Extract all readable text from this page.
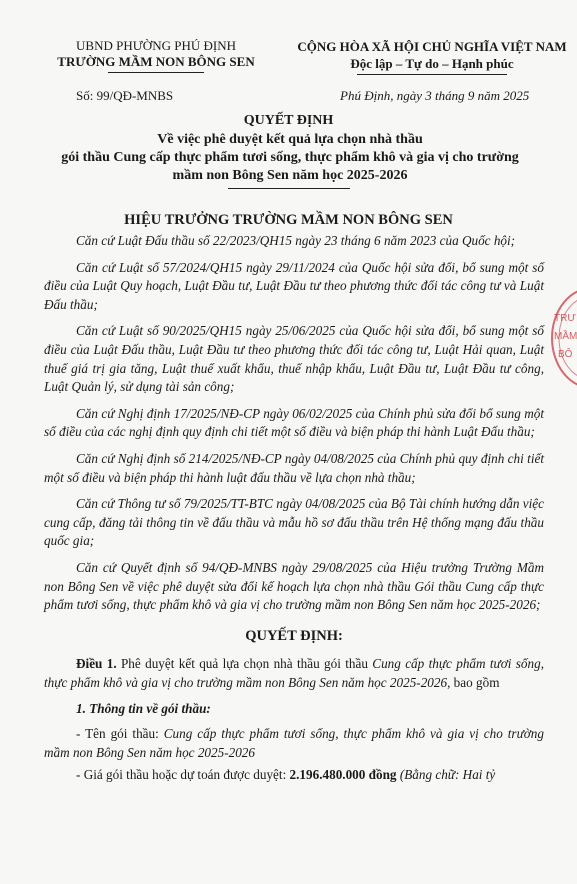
UBND PHƯỜNG PHÚ ĐỊNH
TRƯỜNG MẦM NON BÔNG SEN
CỘNG HÒA XÃ HỘI CHỦ NGHĨA VIỆT NAM
Độc lập – Tự do – Hạnh phúc
Số: 99/QĐ-MNBS	Phú Định, ngày 3 tháng 9 năm 2025
QUYẾT ĐỊNH
Về việc phê duyệt kết quả lựa chọn nhà thầu
gói thầu Cung cấp thực phẩm tươi sống, thực phẩm khô và gia vị cho trường
mầm non Bông Sen năm học 2025-2026
HIỆU TRƯỞNG TRƯỜNG MẦM NON BÔNG SEN

Căn cứ Luật Đấu thầu số 22/2023/QH15 ngày 23 tháng 6 năm 2023 của Quốc hội;

Căn cứ Luật số 57/2024/QH15 ngày 29/11/2024 của Quốc hội sửa đổi, bổ sung một số điều của Luật Quy hoạch, Luật Đầu tư, Luật Đầu tư theo phương thức đối tác công tư và Luật Đấu thầu;

Căn cứ Luật số 90/2025/QH15 ngày 25/06/2025 của Quốc hội sửa đổi, bổ sung một số điều của Luật Đấu thầu, Luật Đầu tư theo phương thức đối tác công tư, Luật Hải quan, Luật thuế giá trị gia tăng, Luật thuế xuất khẩu, thuế nhập khẩu, Luật Đầu tư, Luật Đầu tư công, Luật Quản lý, sử dụng tài sản công;

Căn cứ Nghị định 17/2025/NĐ-CP ngày 06/02/2025 của Chính phủ sửa đổi bổ sung một số điều của các nghị định quy định chi tiết một số điều và biện pháp thi hành Luật Đấu thầu;

Căn cứ Nghị định số 214/2025/NĐ-CP ngày 04/08/2025 của Chính phủ quy định chi tiết một số điều và biện pháp thi hành luật đấu thầu về lựa chọn nhà thầu;

Căn cứ Thông tư số 79/2025/TT-BTC ngày 04/08/2025 của Bộ Tài chính hướng dẫn việc cung cấp, đăng tải thông tin về đấu thầu và mẫu hồ sơ đấu thầu trên Hệ thống mạng đấu thầu quốc gia;

Căn cứ Quyết định số 94/QĐ-MNBS ngày 29/08/2025 của Hiệu trưởng Trường Mầm non Bông Sen về việc phê duyệt sửa đổi kế hoạch lựa chọn nhà thầu Gói thầu Cung cấp thực phẩm tươi sống, thực phẩm khô và gia vị cho trường mầm non Bông Sen năm học 2025-2026;

QUYẾT ĐỊNH:

Điều 1. Phê duyệt kết quả lựa chọn nhà thầu gói thầu Cung cấp thực phẩm tươi sống, thực phẩm khô và gia vị cho trường mầm non Bông Sen năm học 2025-2026, bao gồm

1. Thông tin về gói thầu:

- Tên gói thầu: Cung cấp thực phẩm tươi sống, thực phẩm khô và gia vị cho trường mầm non Bông Sen năm học 2025-2026

- Giá gói thầu hoặc dự toán được duyệt: 2.196.480.000 đồng (Bằng chữ: Hai tỷ

TRƯ
MẦM
BÔ
